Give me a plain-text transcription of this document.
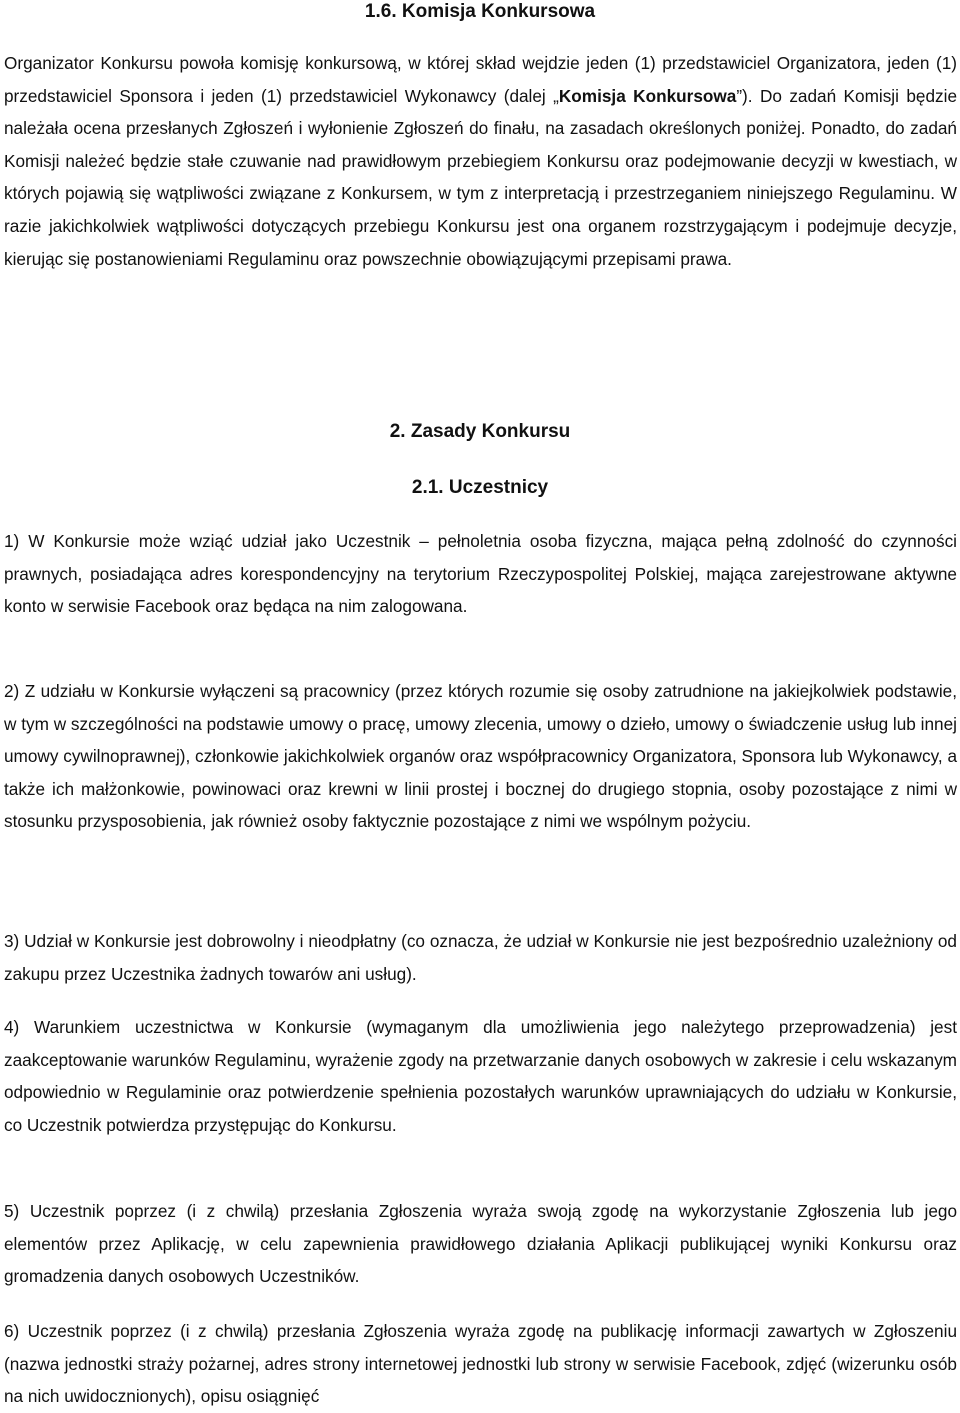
1.6. Komisja Konkursowa

Organizator Konkursu powoła komisję konkursową, w której skład wejdzie jeden (1) przedstawiciel Organizatora, jeden (1) przedstawiciel Sponsora i jeden (1) przedstawiciel Wykonawcy (dalej „Komisja Konkursowa”). Do zadań Komisji będzie należała ocena przesłanych Zgłoszeń i wyłonienie Zgłoszeń do finału, na zasadach określonych poniżej. Ponadto, do zadań Komisji należeć będzie stałe czuwanie nad prawidłowym przebiegiem Konkursu oraz podejmowanie decyzji w kwestiach, w których pojawią się wątpliwości związane z Konkursem, w tym z interpretacją i przestrzeganiem niniejszego Regulaminu. W razie jakichkolwiek wątpliwości dotyczących przebiegu Konkursu jest ona organem rozstrzygającym i podejmuje decyzje, kierując się postanowieniami Regulaminu oraz powszechnie obowiązującymi przepisami prawa.

2. Zasady Konkursu
2.1. Uczestnicy

1) W Konkursie może wziąć udział jako Uczestnik – pełnoletnia osoba fizyczna, mająca pełną zdolność do czynności prawnych, posiadająca adres korespondencyjny na terytorium Rzeczypospolitej Polskiej, mająca zarejestrowane aktywne konto w serwisie Facebook oraz będąca na nim zalogowana.

2) Z udziału w Konkursie wyłączeni są pracownicy (przez których rozumie się osoby zatrudnione na jakiejkolwiek podstawie, w tym w szczególności na podstawie umowy o pracę, umowy zlecenia, umowy o dzieło, umowy o świadczenie usług lub innej umowy cywilnoprawnej), członkowie jakichkolwiek organów oraz współpracownicy Organizatora, Sponsora lub Wykonawcy, a także ich małżonkowie, powinowaci oraz krewni w linii prostej i bocznej do drugiego stopnia, osoby pozostające z nimi w stosunku przysposobienia, jak również osoby faktycznie pozostające z nimi we wspólnym pożyciu.

3) Udział w Konkursie jest dobrowolny i nieodpłatny (co oznacza, że udział w Konkursie nie jest bezpośrednio uzależniony od zakupu przez Uczestnika żadnych towarów ani usług).

4) Warunkiem uczestnictwa w Konkursie (wymaganym dla umożliwienia jego należytego przeprowadzenia) jest zaakceptowanie warunków Regulaminu, wyrażenie zgody na przetwarzanie danych osobowych w zakresie i celu wskazanym odpowiednio w Regulaminie oraz potwierdzenie spełnienia pozostałych warunków uprawniających do udziału w Konkursie, co Uczestnik potwierdza przystępując do Konkursu.

5) Uczestnik poprzez (i z chwilą) przesłania Zgłoszenia wyraża swoją zgodę na wykorzystanie Zgłoszenia lub jego elementów przez Aplikację, w celu zapewnienia prawidłowego działania Aplikacji publikującej wyniki Konkursu oraz gromadzenia danych osobowych Uczestników.

6) Uczestnik poprzez (i z chwilą) przesłania Zgłoszenia wyraża zgodę na publikację informacji zawartych w Zgłoszeniu (nazwa jednostki straży pożarnej, adres strony internetowej jednostki lub strony w serwisie Facebook, zdjęć (wizerunku osób na nich uwidocznionych), opisu osiągnięć
